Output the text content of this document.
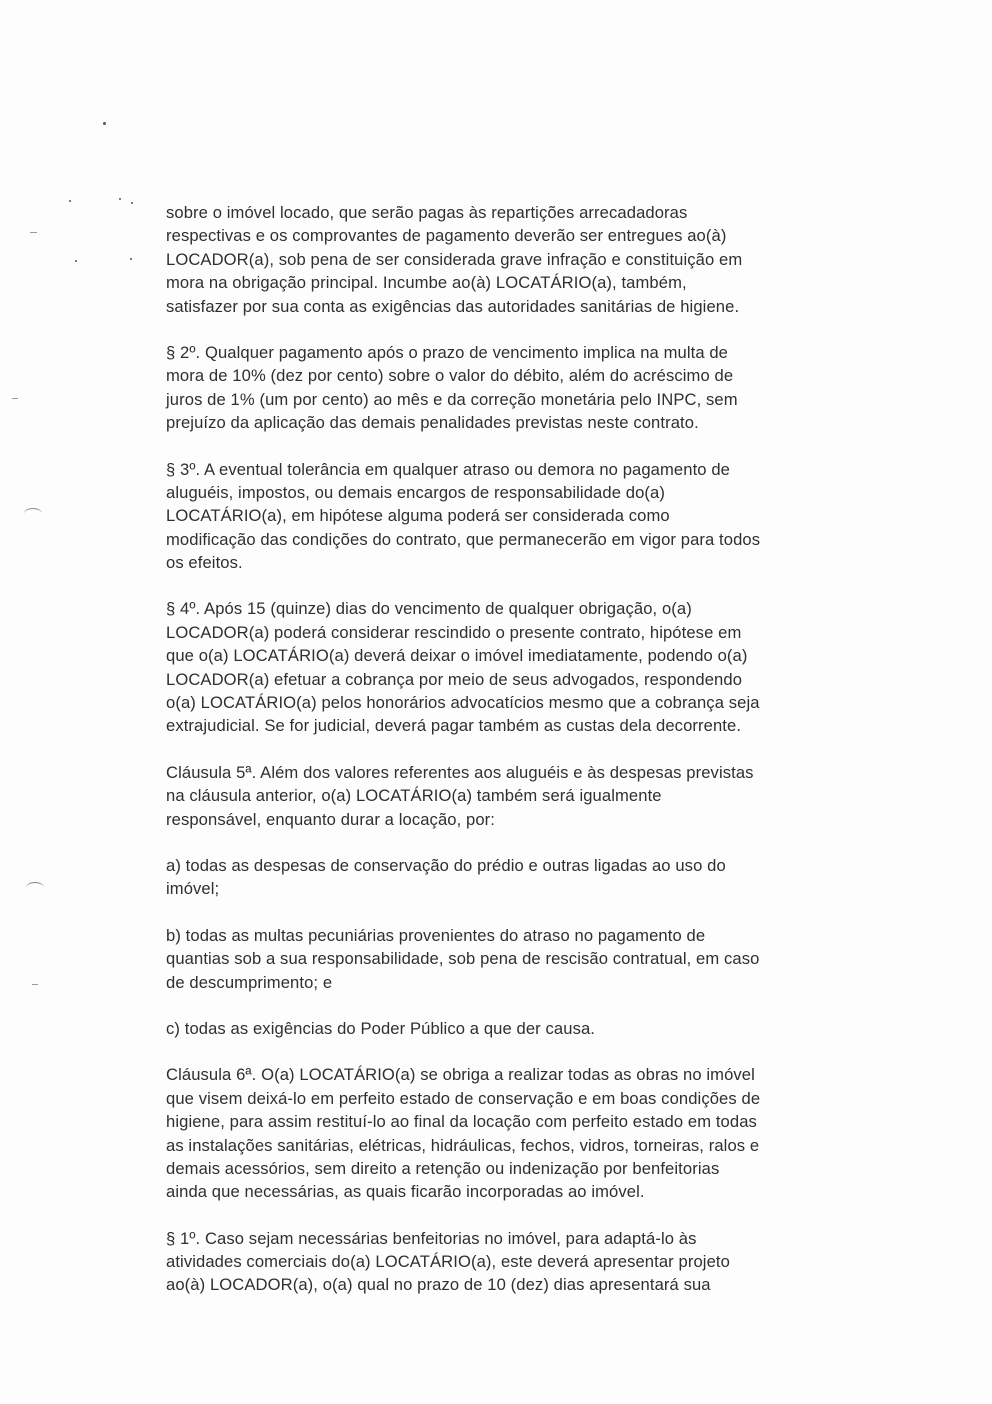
sobre o imóvel locado, que serão pagas às repartições arrecadadoras
respectivas e os comprovantes de pagamento deverão ser entregues ao(à)
LOCADOR(a), sob pena de ser considerada grave infração e constituição em
mora na obrigação principal. Incumbe ao(à) LOCATÁRIO(a), também,
satisfazer por sua conta as exigências das autoridades sanitárias de higiene.

§ 2º. Qualquer pagamento após o prazo de vencimento implica na multa de
mora de 10% (dez por cento) sobre o valor do débito, além do acréscimo de
juros de 1% (um por cento) ao mês e da correção monetária pelo INPC, sem
prejuízo da aplicação das demais penalidades previstas neste contrato.

§ 3º. A eventual tolerância em qualquer atraso ou demora no pagamento de
aluguéis, impostos, ou demais encargos de responsabilidade do(a)
LOCATÁRIO(a), em hipótese alguma poderá ser considerada como
modificação das condições do contrato, que permanecerão em vigor para todos
os efeitos.

§ 4º. Após 15 (quinze) dias do vencimento de qualquer obrigação, o(a)
LOCADOR(a) poderá considerar rescindido o presente contrato, hipótese em
que o(a) LOCATÁRIO(a) deverá deixar o imóvel imediatamente, podendo o(a)
LOCADOR(a) efetuar a cobrança por meio de seus advogados, respondendo
o(a) LOCATÁRIO(a) pelos honorários advocatícios mesmo que a cobrança seja
extrajudicial. Se for judicial, deverá pagar também as custas dela decorrente.

Cláusula 5ª. Além dos valores referentes aos aluguéis e às despesas previstas
na cláusula anterior, o(a) LOCATÁRIO(a) também será igualmente
responsável, enquanto durar a locação, por:

a) todas as despesas de conservação do prédio e outras ligadas ao uso do
imóvel;

b) todas as multas pecuniárias provenientes do atraso no pagamento de
quantias sob a sua responsabilidade, sob pena de rescisão contratual, em caso
de descumprimento; e

c) todas as exigências do Poder Público a que der causa.

Cláusula 6ª. O(a) LOCATÁRIO(a) se obriga a realizar todas as obras no imóvel
que visem deixá-lo em perfeito estado de conservação e em boas condições de
higiene, para assim restituí-lo ao final da locação com perfeito estado em todas
as instalações sanitárias, elétricas, hidráulicas, fechos, vidros, torneiras, ralos e
demais acessórios, sem direito a retenção ou indenização por benfeitorias
ainda que necessárias, as quais ficarão incorporadas ao imóvel.

§ 1º. Caso sejam necessárias benfeitorias no imóvel, para adaptá-lo às
atividades comerciais do(a) LOCATÁRIO(a), este deverá apresentar projeto
ao(à) LOCADOR(a), o(a) qual no prazo de 10 (dez) dias apresentará sua
